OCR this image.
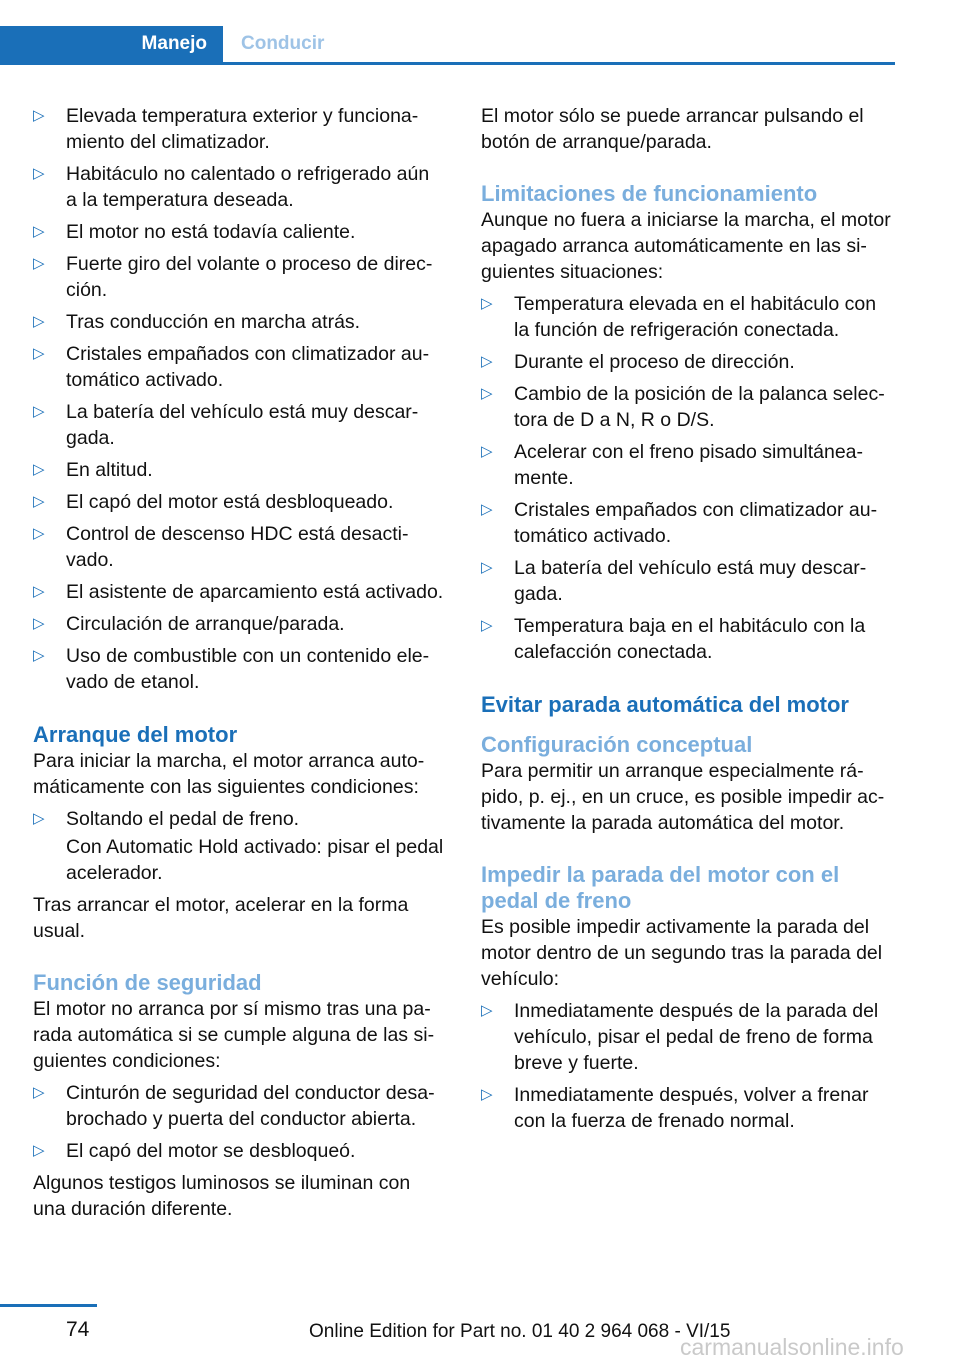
Manejo	Conducir
▷ Elevada temperatura exterior y funcionamiento del climatizador.
▷ Habitáculo no calentado o refrigerado aún a la temperatura deseada.
▷ El motor no está todavía caliente.
▷ Fuerte giro del volante o proceso de dirección.
▷ Tras conducción en marcha atrás.
▷ Cristales empañados con climatizador automático activado.
▷ La batería del vehículo está muy descargada.
▷ En altitud.
▷ El capó del motor está desbloqueado.
▷ Control de descenso HDC está desactivado.
▷ El asistente de aparcamiento está activado.
▷ Circulación de arranque/parada.
▷ Uso de combustible con un contenido elevado de etanol.
Arranque del motor

Para iniciar la marcha, el motor arranca automáticamente con las siguientes condiciones:

▷ Soltando el pedal de freno.

Con Automatic Hold activado: pisar el pedal acelerador.

Tras arrancar el motor, acelerar en la forma usual.

Función de seguridad

El motor no arranca por sí mismo tras una parada automática si se cumple alguna de las siguientes condiciones:

▷ Cinturón de seguridad del conductor desabrochado y puerta del conductor abierta.
▷ El capó del motor se desbloqueó.

Algunos testigos luminosos se iluminan con una duración diferente.

El motor sólo se puede arrancar pulsando el botón de arranque/parada.

Limitaciones de funcionamiento

Aunque no fuera a iniciarse la marcha, el motor apagado arranca automáticamente en las siguientes situaciones:

▷ Temperatura elevada en el habitáculo con la función de refrigeración conectada.
▷ Durante el proceso de dirección.
▷ Cambio de la posición de la palanca selectora de D a N, R o D/S.
▷ Acelerar con el freno pisado simultáneamente.
▷ Cristales empañados con climatizador automático activado.
▷ La batería del vehículo está muy descargada.
▷ Temperatura baja en el habitáculo con la calefacción conectada.
Evitar parada automática del motor
Configuración conceptual

Para permitir un arranque especialmente rápido, p. ej., en un cruce, es posible impedir activamente la parada automática del motor.

Impedir la parada del motor con el pedal de freno

Es posible impedir activamente la parada del motor dentro de un segundo tras la parada del vehículo:

▷ Inmediatamente después de la parada del vehículo, pisar el pedal de freno de forma breve y fuerte.
▷ Inmediatamente después, volver a frenar con la fuerza de frenado normal.
74	Online Edition for Part no. 01 40 2 964 068 - VI/15
carmanualsonline.info
